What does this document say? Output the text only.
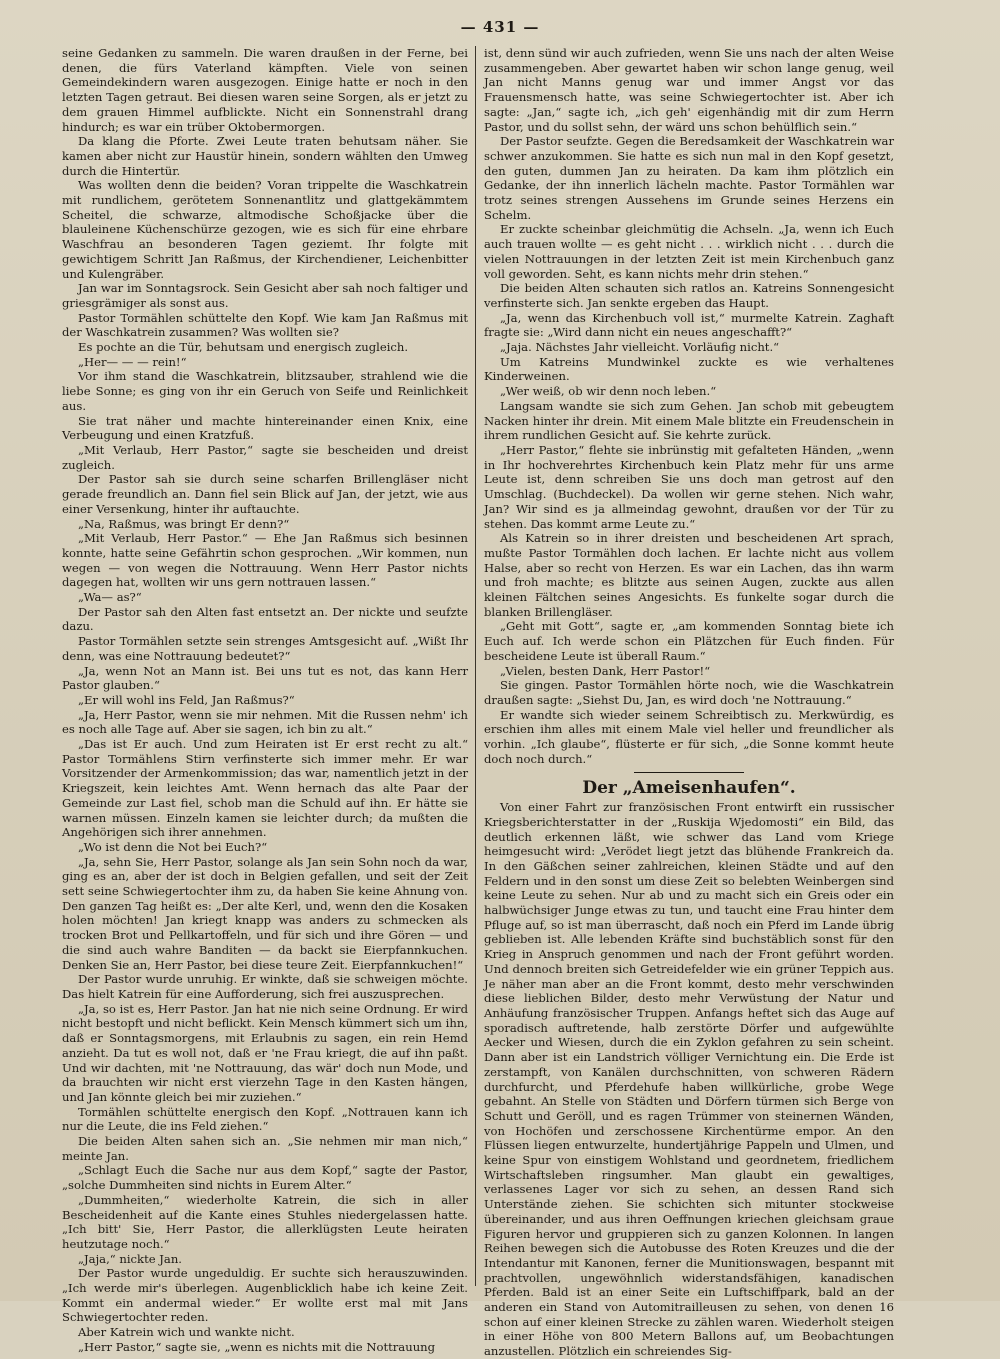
— 431 —

seine Gedanken zu sammeln. Die waren draußen in der Ferne, bei denen, die fürs Vaterland kämpften. Viele von seinen Gemeindekindern waren ausgezogen. Einige hatte er noch in den letzten Tagen getraut. Bei diesen waren seine Sorgen, als er jetzt zu dem grauen Himmel aufblickte. Nicht ein Sonnenstrahl drang hindurch; es war ein trüber Oktobermorgen.

Da klang die Pforte. Zwei Leute traten behutsam näher. Sie kamen aber nicht zur Haustür hinein, sondern wählten den Umweg durch die Hintertür.

Was wollten denn die beiden? Voran trippelte die Waschkatrein mit rundlichem, gerötetem Sonnenantlitz und glattgekämmtem Scheitel, die schwarze, altmodische Schoßjacke über die blauleinene Küchenschürze gezogen, wie es sich für eine ehrbare Waschfrau an besonderen Tagen geziemt. Ihr folgte mit gewichtigem Schritt Jan Raßmus, der Kirchendiener, Leichenbitter und Kulengräber.

Jan war im Sonntagsrock. Sein Gesicht aber sah noch faltiger und griesgrämiger als sonst aus.

Pastor Tormählen schüttelte den Kopf. Wie kam Jan Raßmus mit der Waschkatrein zusammen? Was wollten sie?

Es pochte an die Tür, behutsam und energisch zugleich.

„Her— — — rein!“

Vor ihm stand die Waschkatrein, blitzsauber, strahlend wie die liebe Sonne; es ging von ihr ein Geruch von Seife und Reinlichkeit aus.

Sie trat näher und machte hintereinander einen Knix, eine Verbeugung und einen Kratzfuß.

„Mit Verlaub, Herr Pastor,“ sagte sie bescheiden und dreist zugleich.

Der Pastor sah sie durch seine scharfen Brillengläser nicht gerade freundlich an. Dann fiel sein Blick auf Jan, der jetzt, wie aus einer Versenkung, hinter ihr auftauchte.

„Na, Raßmus, was bringt Er denn?“

„Mit Verlaub, Herr Pastor.“ — Ehe Jan Raßmus sich besinnen konnte, hatte seine Gefährtin schon gesprochen. „Wir kommen, nun wegen — von wegen die Nottrauung. Wenn Herr Pastor nichts dagegen hat, wollten wir uns gern nottrauen lassen.“

„Wa— as?“

Der Pastor sah den Alten fast entsetzt an. Der nickte und seufzte dazu.

Pastor Tormählen setzte sein strenges Amtsgesicht auf. „Wißt Ihr denn, was eine Nottrauung bedeutet?“

„Ja, wenn Not an Mann ist. Bei uns tut es not, das kann Herr Pastor glauben.“

„Er will wohl ins Feld, Jan Raßmus?“

„Ja, Herr Pastor, wenn sie mir nehmen. Mit die Russen nehm' ich es noch alle Tage auf. Aber sie sagen, ich bin zu alt.“

„Das ist Er auch. Und zum Heiraten ist Er erst recht zu alt.“ Pastor Tormählens Stirn verfinsterte sich immer mehr. Er war Vorsitzender der Armenkommission; das war, namentlich jetzt in der Kriegszeit, kein leichtes Amt. Wenn hernach das alte Paar der Gemeinde zur Last fiel, schob man die Schuld auf ihn. Er hätte sie warnen müssen. Einzeln kamen sie leichter durch; da mußten die Angehörigen sich ihrer annehmen.

„Wo ist denn die Not bei Euch?“

„Ja, sehn Sie, Herr Pastor, solange als Jan sein Sohn noch da war, ging es an, aber der ist doch in Belgien gefallen, und seit der Zeit sett seine Schwiegertochter ihm zu, da haben Sie keine Ahnung von. Den ganzen Tag heißt es: „Der alte Kerl, und, wenn den die Kosaken holen möchten! Jan kriegt knapp was anders zu schmecken als trocken Brot und Pellkartoffeln, und für sich und ihre Gören — und die sind auch wahre Banditen — da backt sie Eierpfannkuchen. Denken Sie an, Herr Pastor, bei diese teure Zeit. Eierpfannkuchen!“

Der Pastor wurde unruhig. Er winkte, daß sie schweigen möchte. Das hielt Katrein für eine Aufforderung, sich frei auszusprechen.

„Ja, so ist es, Herr Pastor. Jan hat nie nich seine Ordnung. Er wird nicht bestopft und nicht beflickt. Kein Mensch kümmert sich um ihn, daß er Sonntagsmorgens, mit Erlaubnis zu sagen, ein rein Hemd anzieht. Da tut es woll not, daß er 'ne Frau kriegt, die auf ihn paßt. Und wir dachten, mit 'ne Nottrauung, das wär' doch nun Mode, und da brauchten wir nicht erst vierzehn Tage in den Kasten hängen, und Jan könnte gleich bei mir zuziehen.“

Tormählen schüttelte energisch den Kopf. „Nottrauen kann ich nur die Leute, die ins Feld ziehen.“

Die beiden Alten sahen sich an. „Sie nehmen mir man nich,“ meinte Jan.

„Schlagt Euch die Sache nur aus dem Kopf,“ sagte der Pastor, „solche Dummheiten sind nichts in Eurem Alter.“

„Dummheiten,“ wiederholte Katrein, die sich in aller Bescheidenheit auf die Kante eines Stuhles niedergelassen hatte. „Ich bitt' Sie, Herr Pastor, die allerklügsten Leute heiraten heutzutage noch.“

„Jaja,“ nickte Jan.

Der Pastor wurde ungeduldig. Er suchte sich herauszuwinden. „Ich werde mir's überlegen. Augenblicklich habe ich keine Zeit. Kommt ein andermal wieder.“ Er wollte erst mal mit Jans Schwiegertochter reden.

Aber Katrein wich und wankte nicht.

„Herr Pastor,“ sagte sie, „wenn es nichts mit die Nottrauung

ist, denn sünd wir auch zufrieden, wenn Sie uns nach der alten Weise zusammengeben. Aber gewartet haben wir schon lange genug, weil Jan nicht Manns genug war und immer Angst vor das Frauensmensch hatte, was seine Schwiegertochter ist. Aber ich sagte: „Jan,“ sagte ich, „ich geh' eigenhändig mit dir zum Herrn Pastor, und du sollst sehn, der wärd uns schon behülflich sein.“

Der Pastor seufzte. Gegen die Beredsamkeit der Waschkatrein war schwer anzukommen. Sie hatte es sich nun mal in den Kopf gesetzt, den guten, dummen Jan zu heiraten. Da kam ihm plötzlich ein Gedanke, der ihn innerlich lächeln machte. Pastor Tormählen war trotz seines strengen Aussehens im Grunde seines Herzens ein Schelm.

Er zuckte scheinbar gleichmütig die Achseln. „Ja, wenn ich Euch auch trauen wollte — es geht nicht . . . wirklich nicht . . . durch die vielen Nottrauungen in der letzten Zeit ist mein Kirchenbuch ganz voll geworden. Seht, es kann nichts mehr drin stehen.“

Die beiden Alten schauten sich ratlos an. Katreins Sonnengesicht verfinsterte sich. Jan senkte ergeben das Haupt.

„Ja, wenn das Kirchenbuch voll ist,“ murmelte Katrein. Zaghaft fragte sie: „Wird dann nicht ein neues angeschafft?“

„Jaja. Nächstes Jahr vielleicht. Vorläufig nicht.“

Um Katreins Mundwinkel zuckte es wie verhaltenes Kinderweinen.

„Wer weiß, ob wir denn noch leben.“

Langsam wandte sie sich zum Gehen. Jan schob mit gebeugtem Nacken hinter ihr drein. Mit einem Male blitzte ein Freudenschein in ihrem rundlichen Gesicht auf. Sie kehrte zurück.

„Herr Pastor,“ flehte sie inbrünstig mit gefalteten Händen, „wenn in Ihr hochverehrtes Kirchenbuch kein Platz mehr für uns arme Leute ist, denn schreiben Sie uns doch man getrost auf den Umschlag. (Buchdeckel). Da wollen wir gerne stehen. Nich wahr, Jan? Wir sind es ja allmeindag gewohnt, draußen vor der Tür zu stehen. Das kommt arme Leute zu.“

Als Katrein so in ihrer dreisten und bescheidenen Art sprach, mußte Pastor Tormählen doch lachen. Er lachte nicht aus vollem Halse, aber so recht von Herzen. Es war ein Lachen, das ihn warm und froh machte; es blitzte aus seinen Augen, zuckte aus allen kleinen Fältchen seines Angesichts. Es funkelte sogar durch die blanken Brillengläser.

„Geht mit Gott“, sagte er, „am kommenden Sonntag biete ich Euch auf. Ich werde schon ein Plätzchen für Euch finden. Für bescheidene Leute ist überall Raum.“

„Vielen, besten Dank, Herr Pastor!“

Sie gingen. Pastor Tormählen hörte noch, wie die Waschkatrein draußen sagte: „Siehst Du, Jan, es wird doch 'ne Nottrauung.“

Er wandte sich wieder seinem Schreibtisch zu. Merkwürdig, es erschien ihm alles mit einem Male viel heller und freundlicher als vorhin. „Ich glaube“, flüsterte er für sich, „die Sonne kommt heute doch noch durch.“

Der „Ameisenhaufen“.

Von einer Fahrt zur französischen Front entwirft ein russischer Kriegsberichterstatter in der „Ruskija Wjedomosti“ ein Bild, das deutlich erkennen läßt, wie schwer das Land vom Kriege heimgesucht wird: „Verödet liegt jetzt das blühende Frankreich da. In den Gäßchen seiner zahlreichen, kleinen Städte und auf den Feldern und in den sonst um diese Zeit so belebten Weinbergen sind keine Leute zu sehen. Nur ab und zu macht sich ein Greis oder ein halbwüchsiger Junge etwas zu tun, und taucht eine Frau hinter dem Pfluge auf, so ist man überrascht, daß noch ein Pferd im Lande übrig geblieben ist. Alle lebenden Kräfte sind buchstäblich sonst für den Krieg in Anspruch genommen und nach der Front geführt worden. Und dennoch breiten sich Getreidefelder wie ein grüner Teppich aus. Je näher man aber an die Front kommt, desto mehr verschwinden diese lieblichen Bilder, desto mehr Verwüstung der Natur und Anhäufung französischer Truppen. Anfangs heftet sich das Auge auf sporadisch auftretende, halb zerstörte Dörfer und aufgewühlte Aecker und Wiesen, durch die ein Zyklon gefahren zu sein scheint. Dann aber ist ein Landstrich völliger Vernichtung ein. Die Erde ist zerstampft, von Kanälen durchschnitten, von schweren Rädern durchfurcht, und Pferdehufe haben willkürliche, grobe Wege gebahnt. An Stelle von Städten und Dörfern türmen sich Berge von Schutt und Geröll, und es ragen Trümmer von steinernen Wänden, von Hochöfen und zerschossene Kirchentürme empor. An den Flüssen liegen entwurzelte, hundertjährige Pappeln und Ulmen, und keine Spur von einstigem Wohlstand und geordnetem, friedlichem Wirtschaftsleben ringsumher. Man glaubt ein gewaltiges, verlassenes Lager vor sich zu sehen, an dessen Rand sich Unterstände ziehen. Sie schichten sich mitunter stockweise übereinander, und aus ihren Oeffnungen kriechen gleichsam graue Figuren hervor und gruppieren sich zu ganzen Kolonnen. In langen Reihen bewegen sich die Autobusse des Roten Kreuzes und die der Intendantur mit Kanonen, ferner die Munitionswagen, bespannt mit prachtvollen, ungewöhnlich widerstandsfähigen, kanadischen Pferden. Bald ist an einer Seite ein Luftschiffpark, bald an der anderen ein Stand von Automitrailleusen zu sehen, von denen 16 schon auf einer kleinen Strecke zu zählen waren. Wiederholt steigen in einer Höhe von 800 Metern Ballons auf, um Beobachtungen anzustellen. Plötzlich ein schreiendes Sig-
